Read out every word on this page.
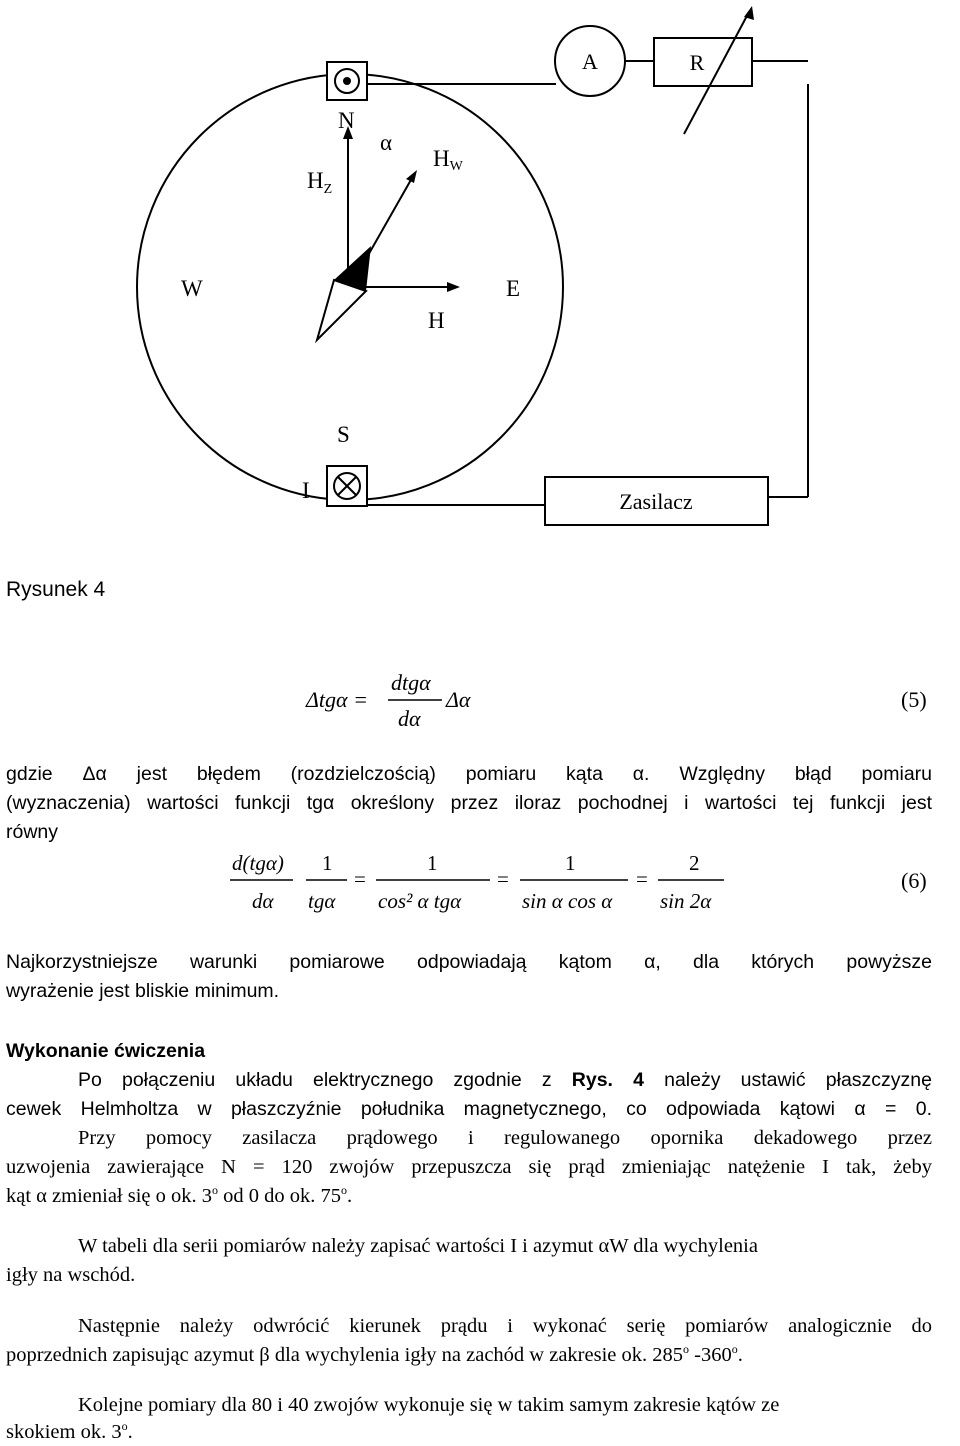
A	R
Zasilacz
N
α
HW
$H_Z$
W	E
H
S
I

Rysunek 4

Δtgα =
dtgα
dα
Δα	(5)
gdzie Δα jest błędem (rozdzielczością) pomiaru kąta α. Względny błąd pomiaru
(wyznaczenia) wartości funkcji tgα określony przez iloraz pochodnej i wartości tej funkcji jest
równy
d(tgα)
dα
1
tgα
=
1
cos² α tgα
=
1
sin α cos α
=
2
sin 2α
(6)
Najkorzystniejsze warunki pomiarowe odpowiadają kątom α, dla których powyższe
wyrażenie jest bliskie minimum.
Wykonanie ćwiczenia
Po połączeniu układu elektrycznego zgodnie z Rys. 4 należy ustawić płaszczyznę
cewek Helmholtza w płaszczyźnie południka magnetycznego, co odpowiada kątowi α = 0.
Przy pomocy zasilacza prądowego i regulowanego opornika dekadowego przez
uzwojenia zawierające N = 120 zwojów przepuszcza się prąd zmieniając natężenie I tak, żeby
kąt α zmieniał się o ok. 3$^o$ od 0 do ok. 75$^o$.
W tabeli dla serii pomiarów należy zapisać wartości I i azymut αW dla wychylenia
igły na wschód.
Następnie należy odwrócić kierunek prądu i wykonać serię pomiarów analogicznie do
poprzednich zapisując azymut β dla wychylenia igły na zachód w zakresie ok. 285$^o$ -360$^o$.
Kolejne pomiary dla 80 i 40 zwojów wykonuje się w takim samym zakresie kątów ze
skokiem ok. 3$^o$.
